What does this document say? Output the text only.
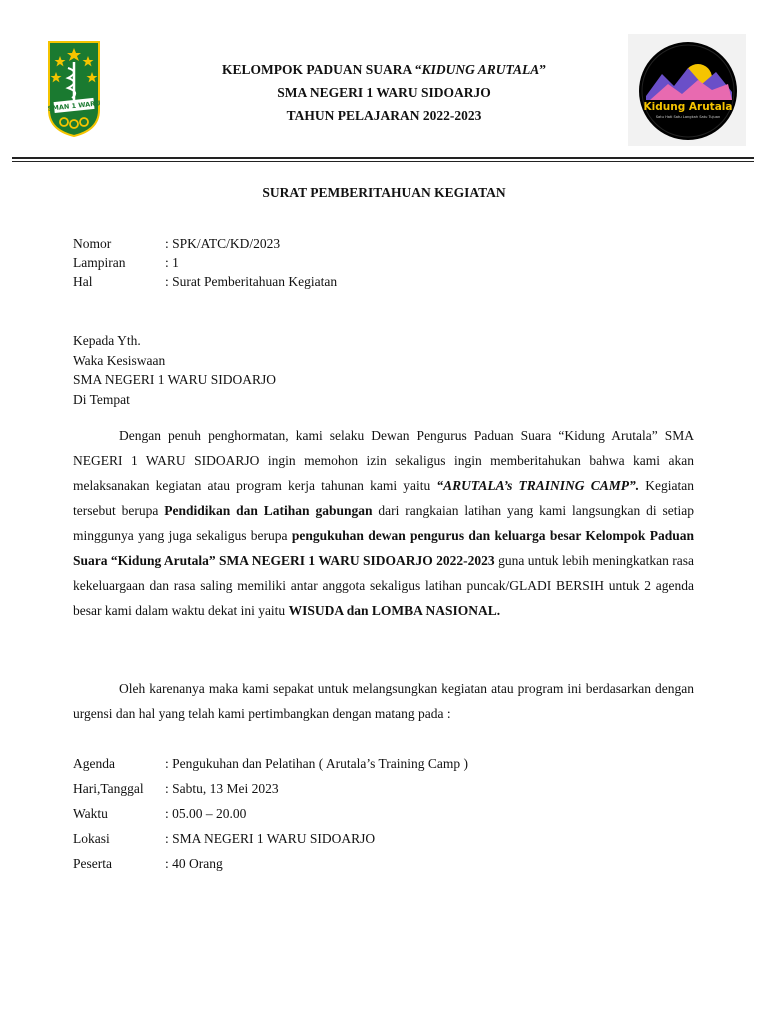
SMAN 1 WARU
KELOMPOK PADUAN SUARA “KIDUNG ARUTALA”
SMA NEGERI 1 WARU SIDOARJO
TAHUN PELAJARAN 2022-2023
Kidung Arutala
Satu Hati Satu Langkah Satu Tujuan
SURAT PEMBERITAHUAN KEGIATAN
Nomor	: SPK/ATC/KD/2023
Lampiran	: 1
Hal	: Surat Pemberitahuan Kegiatan
Kepada Yth.
Waka Kesiswaan
SMA NEGERI 1 WARU SIDOARJO
Di Tempat
Dengan penuh penghormatan, kami selaku Dewan Pengurus Paduan Suara “Kidung Arutala” SMA NEGERI 1 WARU SIDOARJO ingin memohon izin sekaligus ingin memberitahukan bahwa kami akan melaksanakan kegiatan atau program kerja tahunan kami yaitu “ARUTALA’s TRAINING CAMP”. Kegiatan tersebut berupa Pendidikan dan Latihan gabungan dari rangkaian latihan yang kami langsungkan di setiap minggunya yang juga sekaligus berupa pengukuhan dewan pengurus dan keluarga besar Kelompok Paduan Suara “Kidung Arutala” SMA NEGERI 1 WARU SIDOARJO 2022-2023 guna untuk lebih meningkatkan rasa kekeluargaan dan rasa saling memiliki antar anggota sekaligus latihan puncak/GLADI BERSIH untuk 2 agenda besar kami dalam waktu dekat ini yaitu WISUDA dan LOMBA NASIONAL.
Oleh karenanya maka kami sepakat untuk melangsungkan kegiatan atau program ini berdasarkan dengan urgensi dan hal yang telah kami pertimbangkan dengan matang pada :
Agenda	: Pengukuhan dan Pelatihan ( Arutala’s Training Camp )
Hari,Tanggal : Sabtu, 13 Mei 2023
Waktu	: 05.00 – 20.00
Lokasi	: SMA NEGERI 1 WARU SIDOARJO
Peserta	: 40 Orang
